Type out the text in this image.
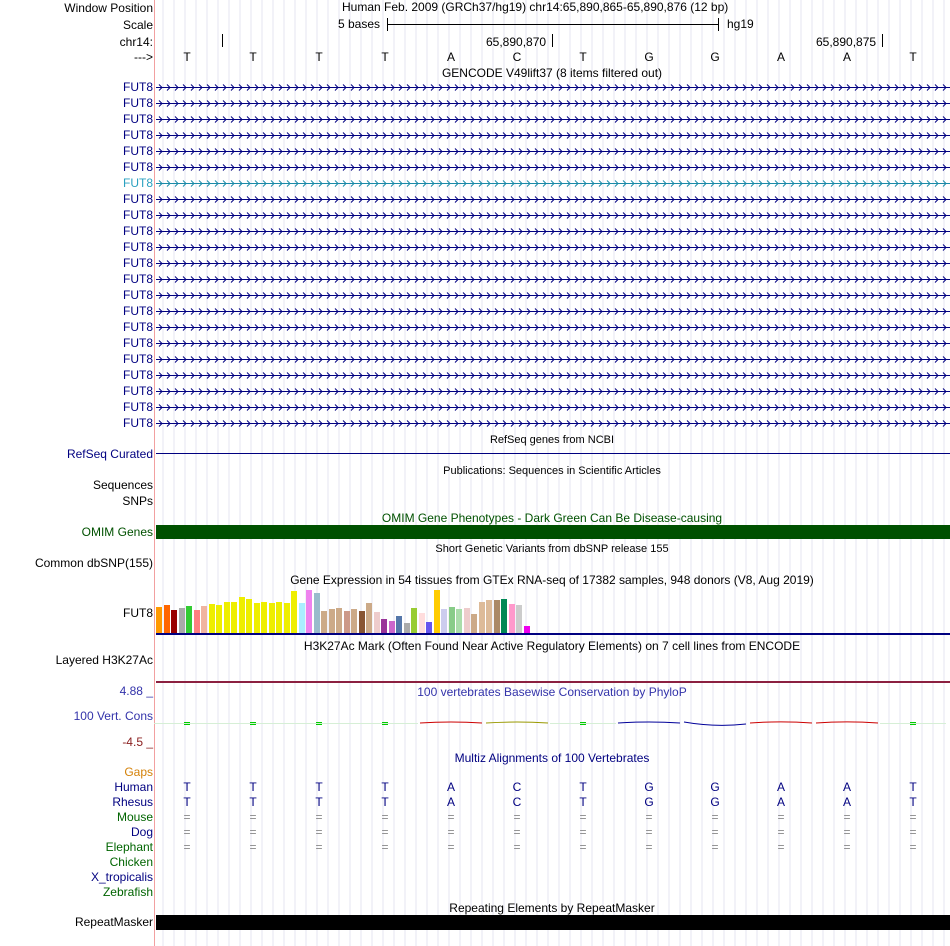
Window Position	Human Feb. 2009 (GRCh37/hg19) chr14:65,890,865-65,890,876 (12 bp)
Scale	5 bases	hg19
chr14:	65,890,870	65,890,875
--->	T	T	T	T	A	C	T	G	G	A	A	T
GENCODE V49lift37 (8 items filtered out)
FUT8
FUT8
FUT8
FUT8
FUT8
FUT8
FUT8
FUT8
FUT8
FUT8
FUT8
FUT8
FUT8
FUT8
FUT8
FUT8
FUT8
FUT8
FUT8
FUT8
FUT8
FUT8
RefSeq genes from NCBI
RefSeq Curated
Publications: Sequences in Scientific Articles
Sequences
SNPs
OMIM Gene Phenotypes - Dark Green Can Be Disease-causing
OMIM Genes
Short Genetic Variants from dbSNP release 155
Common dbSNP(155)
Gene Expression in 54 tissues from GTEx RNA-seq of 17382 samples, 948 donors (V8, Aug 2019)
FUT8
H3K27Ac Mark (Often Found Near Active Regulatory Elements) on 7 cell lines from ENCODE
Layered H3K27Ac
100 vertebrates Basewise Conservation by PhyloP
4.88 _
100 Vert. Cons
-4.5 _
Multiz Alignments of 100 Vertebrates
Gaps
Human	T	T	T	T	A	C	T	G	G	A	A	T
Rhesus	T	T	T	T	A	C	T	G	G	A	A	T
Mouse	=	=	=	=	=	=	=	=	=	=	=	=
Dog	=	=	=	=	=	=	=	=	=	=	=	=
Elephant	=	=	=	=	=	=	=	=	=	=	=	=
Chicken
X_tropicalis
Zebrafish
Repeating Elements by RepeatMasker
RepeatMasker
